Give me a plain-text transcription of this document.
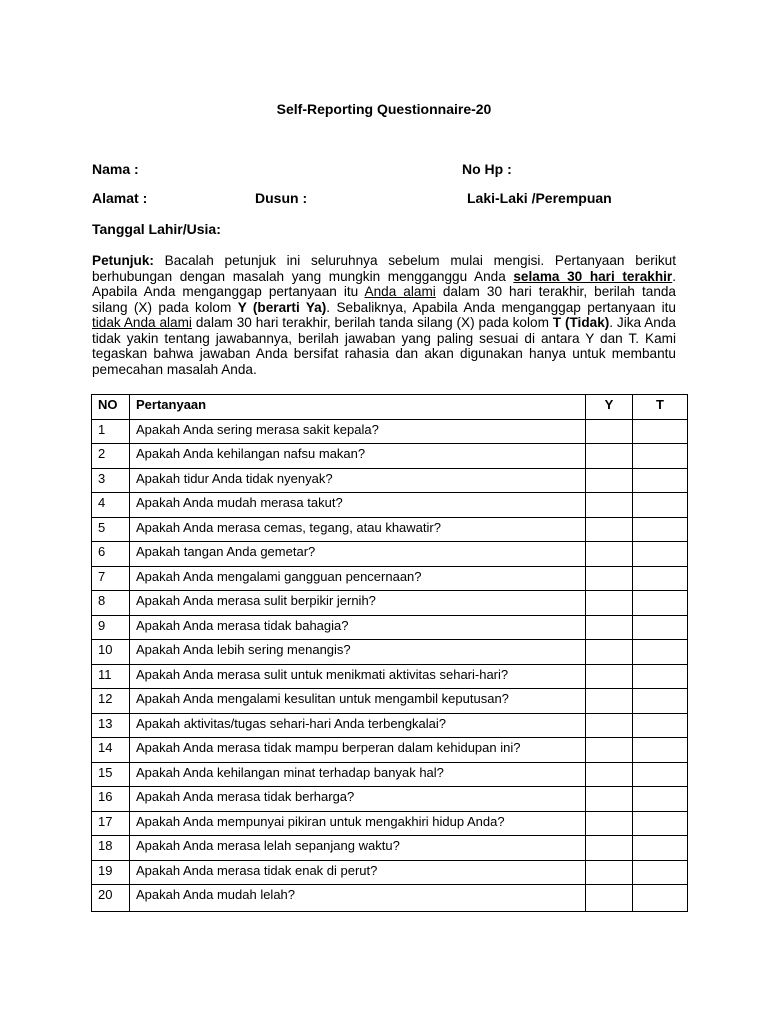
Self-Reporting Questionnaire-20
Nama :	No Hp :
Alamat :	Dusun :	Laki-Laki /Perempuan
Tanggal Lahir/Usia:
Petunjuk: Bacalah petunjuk ini seluruhnya sebelum mulai mengisi. Pertanyaan berikut berhubungan dengan masalah yang mungkin mengganggu Anda selama 30 hari terakhir. Apabila Anda menganggap pertanyaan itu Anda alami dalam 30 hari terakhir, berilah tanda silang (X) pada kolom Y (berarti Ya). Sebaliknya, Apabila Anda menganggap pertanyaan itu tidak Anda alami dalam 30 hari terakhir, berilah tanda silang (X) pada kolom T (Tidak). Jika Anda tidak yakin tentang jawabannya, berilah jawaban yang paling sesuai di antara Y dan T. Kami tegaskan bahwa jawaban Anda bersifat rahasia dan akan digunakan hanya untuk membantu pemecahan masalah Anda.
NO	Pertanyaan	Y	T
1	Apakah Anda sering merasa sakit kepala?		
2	Apakah Anda kehilangan nafsu makan?		
3	Apakah tidur Anda tidak nyenyak?		
4	Apakah Anda mudah merasa takut?		
5	Apakah Anda merasa cemas, tegang, atau khawatir?		
6	Apakah tangan Anda gemetar?		
7	Apakah Anda mengalami gangguan pencernaan?		
8	Apakah Anda merasa sulit berpikir jernih?		
9	Apakah Anda merasa tidak bahagia?		
10	Apakah Anda lebih sering menangis?		
11	Apakah Anda merasa sulit untuk menikmati aktivitas sehari-hari?		
12	Apakah Anda mengalami kesulitan untuk mengambil keputusan?		
13	Apakah aktivitas/tugas sehari-hari Anda terbengkalai?		
14	Apakah Anda merasa tidak mampu berperan dalam kehidupan ini?		
15	Apakah Anda kehilangan minat terhadap banyak hal?		
16	Apakah Anda merasa tidak berharga?		
17	Apakah Anda mempunyai pikiran untuk mengakhiri hidup Anda?		
18	Apakah Anda merasa lelah sepanjang waktu?		
19	Apakah Anda merasa tidak enak di perut?		
20	Apakah Anda mudah lelah?		
